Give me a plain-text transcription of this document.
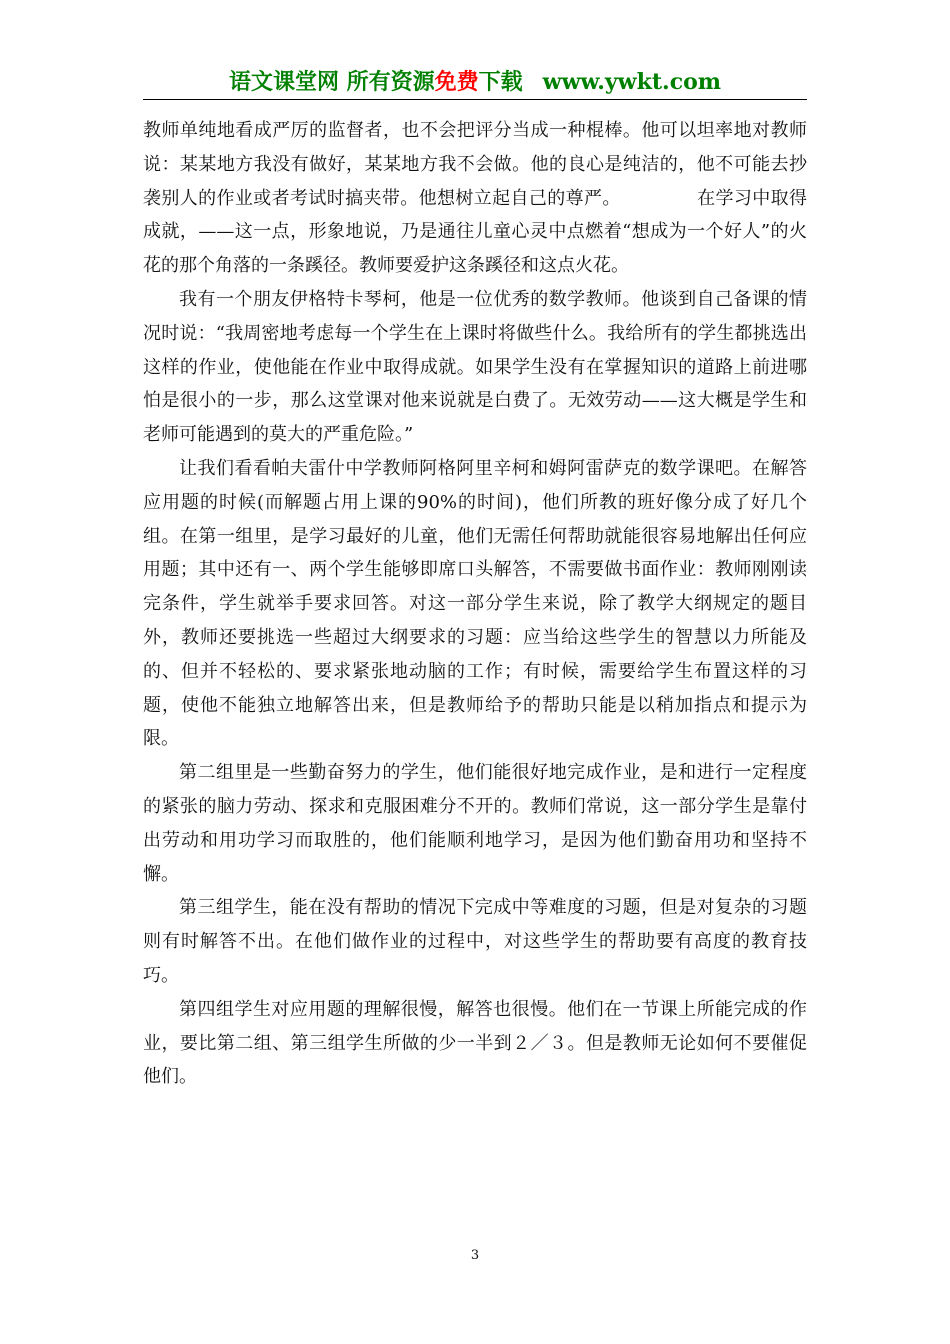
语文课堂网 所有资源免费下载 www.ywkt.com

教师单纯地看成严厉的监督者，也不会把评分当成一种棍棒。他可以坦率地对教师说：某某地方我没有做好，某某地方我不会做。他的良心是纯洁的，他不可能去抄袭别人的作业或者考试时搞夹带。他想树立起自己的尊严。	在学习中取得成就，——这一点，形象地说，乃是通往儿童心灵中点燃着“想成为一个好人”的火花的那个角落的一条蹊径。教师要爱护这条蹊径和这点火花。

我有一个朋友伊格特卡琴柯，他是一位优秀的数学教师。他谈到自己备课的情况时说：“我周密地考虑每一个学生在上课时将做些什么。我给所有的学生都挑选出这样的作业，使他能在作业中取得成就。如果学生没有在掌握知识的道路上前进哪怕是很小的一步，那么这堂课对他来说就是白费了。无效劳动——这大概是学生和老师可能遇到的莫大的严重危险。”

让我们看看帕夫雷什中学教师阿格阿里辛柯和姆阿雷萨克的数学课吧。在解答应用题的时候(而解题占用上课的90%的时间)，他们所教的班好像分成了好几个组。在第一组里，是学习最好的儿童，他们无需任何帮助就能很容易地解出任何应用题；其中还有一、两个学生能够即席口头解答，不需要做书面作业：教师刚刚读完条件，学生就举手要求回答。对这一部分学生来说，除了教学大纲规定的题目外，教师还要挑选一些超过大纲要求的习题：应当给这些学生的智慧以力所能及的、但并不轻松的、要求紧张地动脑的工作；有时候，需要给学生布置这样的习题，使他不能独立地解答出来，但是教师给予的帮助只能是以稍加指点和提示为限。

第二组里是一些勤奋努力的学生，他们能很好地完成作业，是和进行一定程度的紧张的脑力劳动、探求和克服困难分不开的。教师们常说，这一部分学生是靠付出劳动和用功学习而取胜的，他们能顺利地学习，是因为他们勤奋用功和坚持不懈。

第三组学生，能在没有帮助的情况下完成中等难度的习题，但是对复杂的习题则有时解答不出。在他们做作业的过程中，对这些学生的帮助要有高度的教育技巧。

第四组学生对应用题的理解很慢，解答也很慢。他们在一节课上所能完成的作业，要比第二组、第三组学生所做的少一半到２／３。但是教师无论如何不要催促他们。

3
